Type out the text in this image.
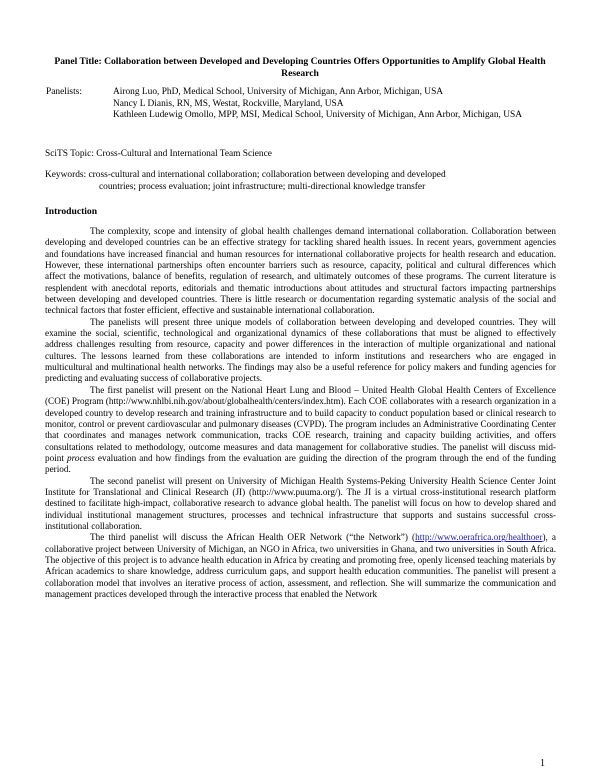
Panel Title: Collaboration between Developed and Developing Countries Offers Opportunities to Amplify Global Health Research
Panelists:	Airong Luo, PhD, Medical School, University of Michigan, Ann Arbor, Michigan, USA
Nancy L Dianis, RN, MS, Westat, Rockville, Maryland, USA
Kathleen Ludewig Omollo, MPP, MSI, Medical School, University of Michigan, Ann Arbor, Michigan, USA
SciTS Topic: Cross-Cultural and International Team Science
Keywords: cross-cultural and international collaboration; collaboration between developing and developed
countries; process evaluation; joint infrastructure; multi-directional knowledge transfer
Introduction

The complexity, scope and intensity of global health challenges demand international collaboration. Collaboration between developing and developed countries can be an effective strategy for tackling shared health issues. In recent years, government agencies and foundations have increased financial and human resources for international collaborative projects for health research and education. However, these international partnerships often encounter barriers such as resource, capacity, political and cultural differences which affect the motivations, balance of benefits, regulation of research, and ultimately outcomes of these programs. The current literature is resplendent with anecdotal reports, editorials and thematic introductions about attitudes and structural factors impacting partnerships between developing and developed countries. There is little research or documentation regarding systematic analysis of the social and technical factors that foster efficient, effective and sustainable international collaboration.

The panelists will present three unique models of collaboration between developing and developed countries. They will examine the social, scientific, technological and organizational dynamics of these collaborations that must be aligned to effectively address challenges resulting from resource, capacity and power differences in the interaction of multiple organizational and national cultures. The lessons learned from these collaborations are intended to inform institutions and researchers who are engaged in multicultural and multinational health networks. The findings may also be a useful reference for policy makers and funding agencies for predicting and evaluating success of collaborative projects.

The first panelist will present on the National Heart Lung and Blood – United Health Global Health Centers of Excellence (COE) Program (http://www.nhlbi.nih.gov/about/globalhealth/centers/index.htm). Each COE collaborates with a research organization in a developed country to develop research and training infrastructure and to build capacity to conduct population based or clinical research to monitor, control or prevent cardiovascular and pulmonary diseases (CVPD). The program includes an Administrative Coordinating Center that coordinates and manages network communication, tracks COE research, training and capacity building activities, and offers consultations related to methodology, outcome measures and data management for collaborative studies. The panelist will discuss mid-point process evaluation and how findings from the evaluation are guiding the direction of the program through the end of the funding period.

The second panelist will present on University of Michigan Health Systems-Peking University Health Science Center Joint Institute for Translational and Clinical Research (JI) (http://www.puuma.org/). The JI is a virtual cross-institutional research platform destined to facilitate high-impact, collaborative research to advance global health. The panelist will focus on how to develop shared and individual institutional management structures, processes and technical infrastructure that supports and sustains successful cross-institutional collaboration.

The third panelist will discuss the African Health OER Network (“the Network”) (http://www.oerafrica.org/healthoer), a collaborative project between University of Michigan, an NGO in Africa, two universities in Ghana, and two universities in South Africa. The objective of this project is to advance health education in Africa by creating and promoting free, openly licensed teaching materials by African academics to share knowledge, address curriculum gaps, and support health education communities. The panelist will present a collaboration model that involves an iterative process of action, assessment, and reflection. She will summarize the communication and management practices developed through the interactive process that enabled the Network

1
